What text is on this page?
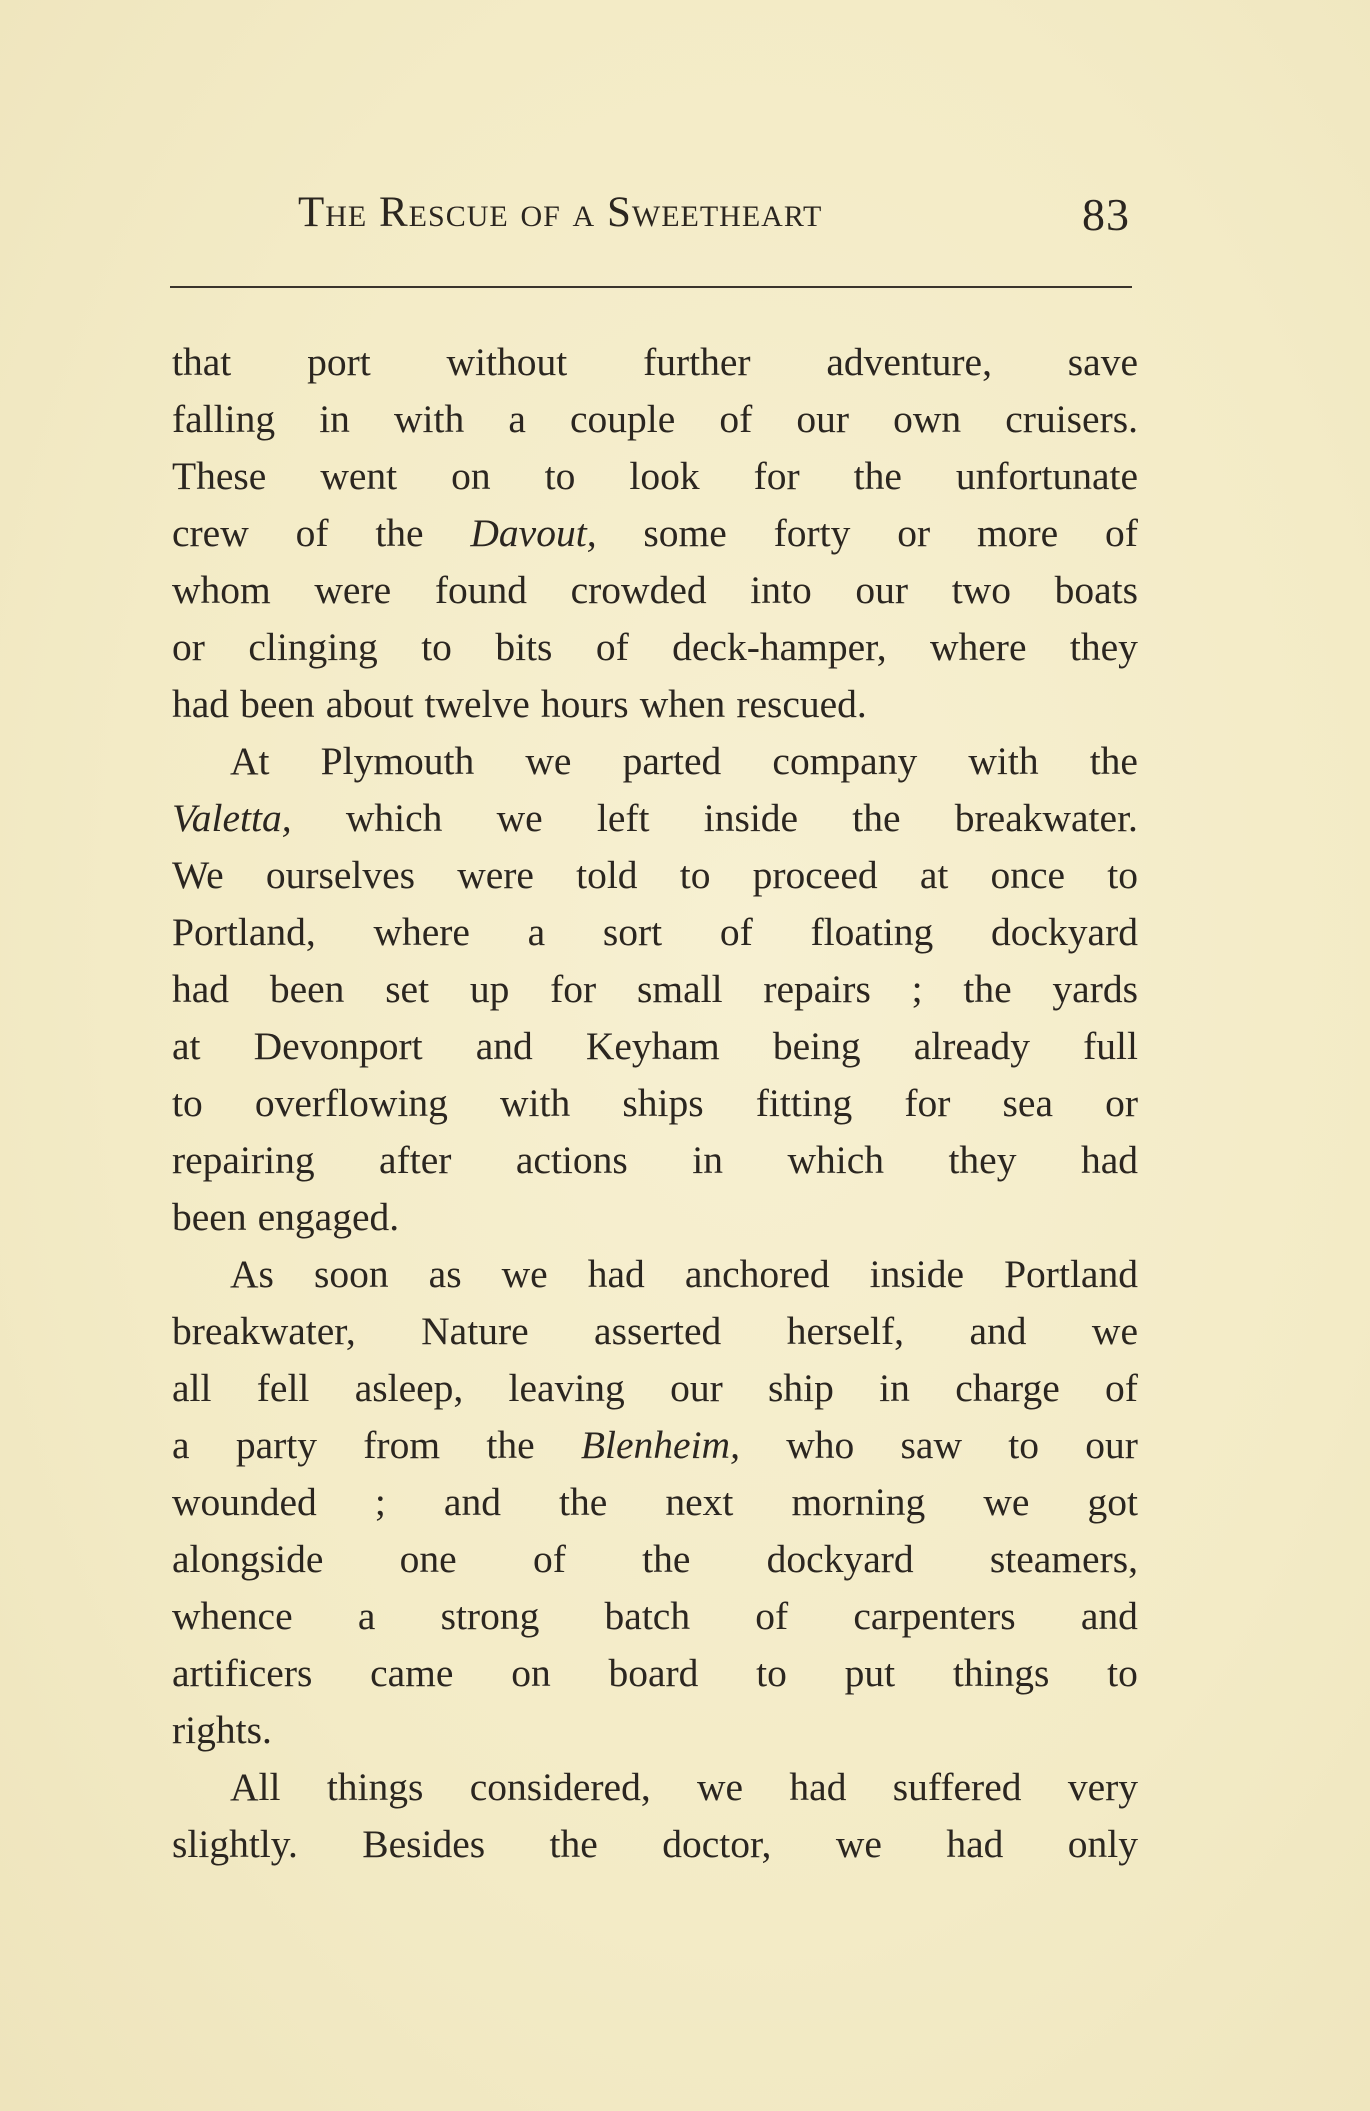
The Rescue of a Sweetheart	83
that port without further adventure, save
falling in with a couple of our own cruisers.
These went on to look for the unfortunate
crew of the Davout, some forty or more of
whom were found crowded into our two boats
or clinging to bits of deck-hamper, where they
had been about twelve hours when rescued.
At Plymouth we parted company with the
Valetta, which we left inside the breakwater.
We ourselves were told to proceed at once to
Portland, where a sort of floating dockyard
had been set up for small repairs ; the yards
at Devonport and Keyham being already full
to overflowing with ships fitting for sea or
repairing after actions in which they had
been engaged.
As soon as we had anchored inside Portland
breakwater, Nature asserted herself, and we
all fell asleep, leaving our ship in charge of
a party from the Blenheim, who saw to our
wounded ; and the next morning we got
alongside one of the dockyard steamers,
whence a strong batch of carpenters and
artificers came on board to put things to
rights.
All things considered, we had suffered very
slightly. Besides the doctor, we had only
